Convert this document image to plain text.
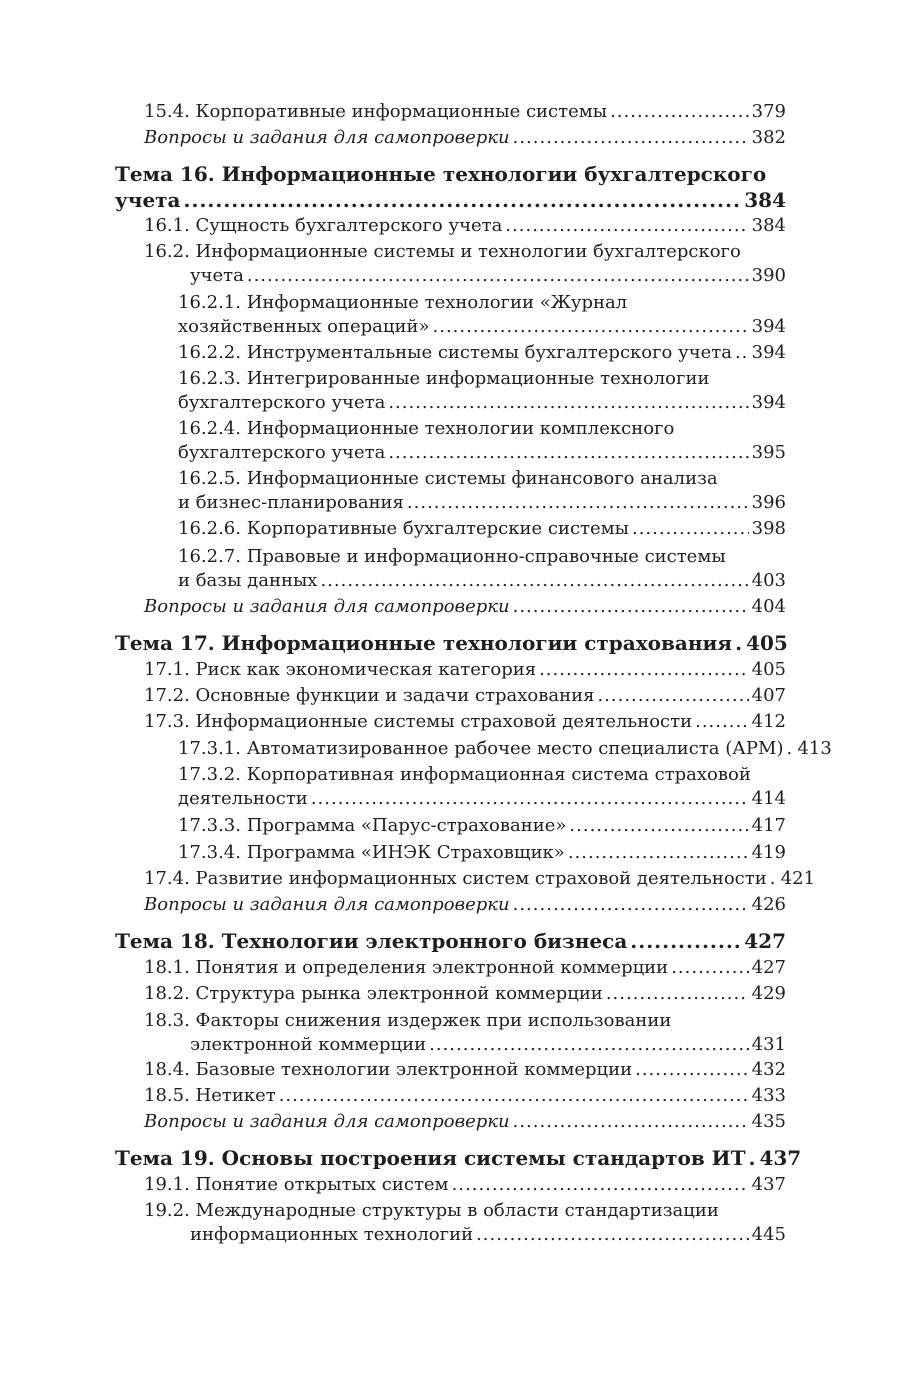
15.4. Корпоративные информационные системы .....	379
Вопросы и задания для самопроверки .....	382
Тема 16. Информационные технологии бухгалтерского
учета .....	384
16.1. Сущность бухгалтерского учета .....	384
16.2. Информационные системы и технологии бухгалтерского
учета .....	390
16.2.1. Информационные технологии «Журнал
хозяйственных операций» .....	394
16.2.2. Инструментальные системы бухгалтерского учета ..... 394
16.2.3. Интегрированные информационные технологии
бухгалтерского учета .....	394
16.2.4. Информационные технологии комплексного
бухгалтерского учета .....	395
16.2.5. Информационные системы финансового анализа
и бизнес-планирования .....	396
16.2.6. Корпоративные бухгалтерские системы .....	398
16.2.7. Правовые и информационно-справочные системы
и базы данных .....	403
Вопросы и задания для самопроверки .....	404
Тема 17. Информационные технологии страхования ..... 405
17.1. Риск как экономическая категория .....	405
17.2. Основные функции и задачи страхования .....	407
17.3. Информационные системы страховой деятельности .....	412
17.3.1. Автоматизированное рабочее место специалиста (АРМ) ..... 413
17.3.2. Корпоративная информационная система страховой
деятельности .....	414
17.3.3. Программа «Парус-страхование» .....	417
17.3.4. Программа «ИНЭК Страховщик» .....	419
17.4. Развитие информационных систем страховой деятельности ..... 421
Вопросы и задания для самопроверки .....	426
Тема 18. Технологии электронного бизнеса .....	427
18.1. Понятия и определения электронной коммерции .....	427
18.2. Структура рынка электронной коммерции .....	429
18.3. Факторы снижения издержек при использовании
электронной коммерции .....	431
18.4. Базовые технологии электронной коммерции .....	432
18.5. Нетикет .....	433
Вопросы и задания для самопроверки .....	435
Тема 19. Основы построения системы стандартов ИТ ..... 437
19.1. Понятие открытых систем .....	437
19.2. Международные структуры в области стандартизации
информационных технологий .....	445
